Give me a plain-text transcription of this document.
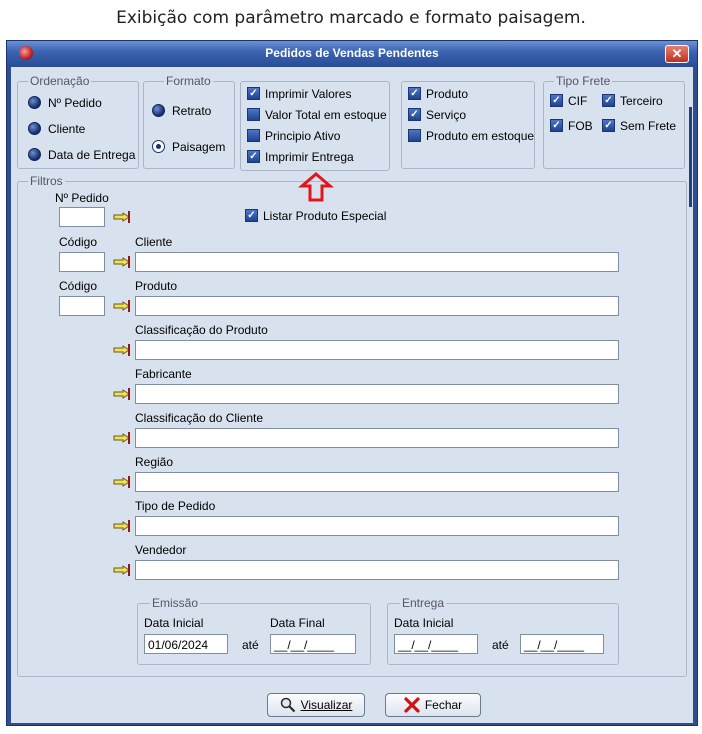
Exibição com parâmetro marcado e formato paisagem.
Pedidos de Vendas Pendentes	✕
Ordenação
Nº Pedido
Cliente
Data de Entrega
Formato
Retrato
Paisagem
✓ Imprimir Valores
Valor Total em estoque
Principio Ativo
✓ Imprimir Entrega
✓ Produto
✓ Serviço
Produto em estoque
Tipo Frete
✓ CIF ✓ Terceiro
✓ FOB ✓ Sem Frete
Filtros
Nº Pedido
✓ Listar Produto Especial
Código	Cliente
Código	Produto
Classificação do Produto
Fabricante
Classificação do Cliente
Região
Tipo de Pedido
Vendedor
Emissão
Data Inicial	Data Final
01/06/2024	até	__/__/____
Entrega
Data Inicial
__/__/____	até	__/__/____
Visualizar	Fechar
